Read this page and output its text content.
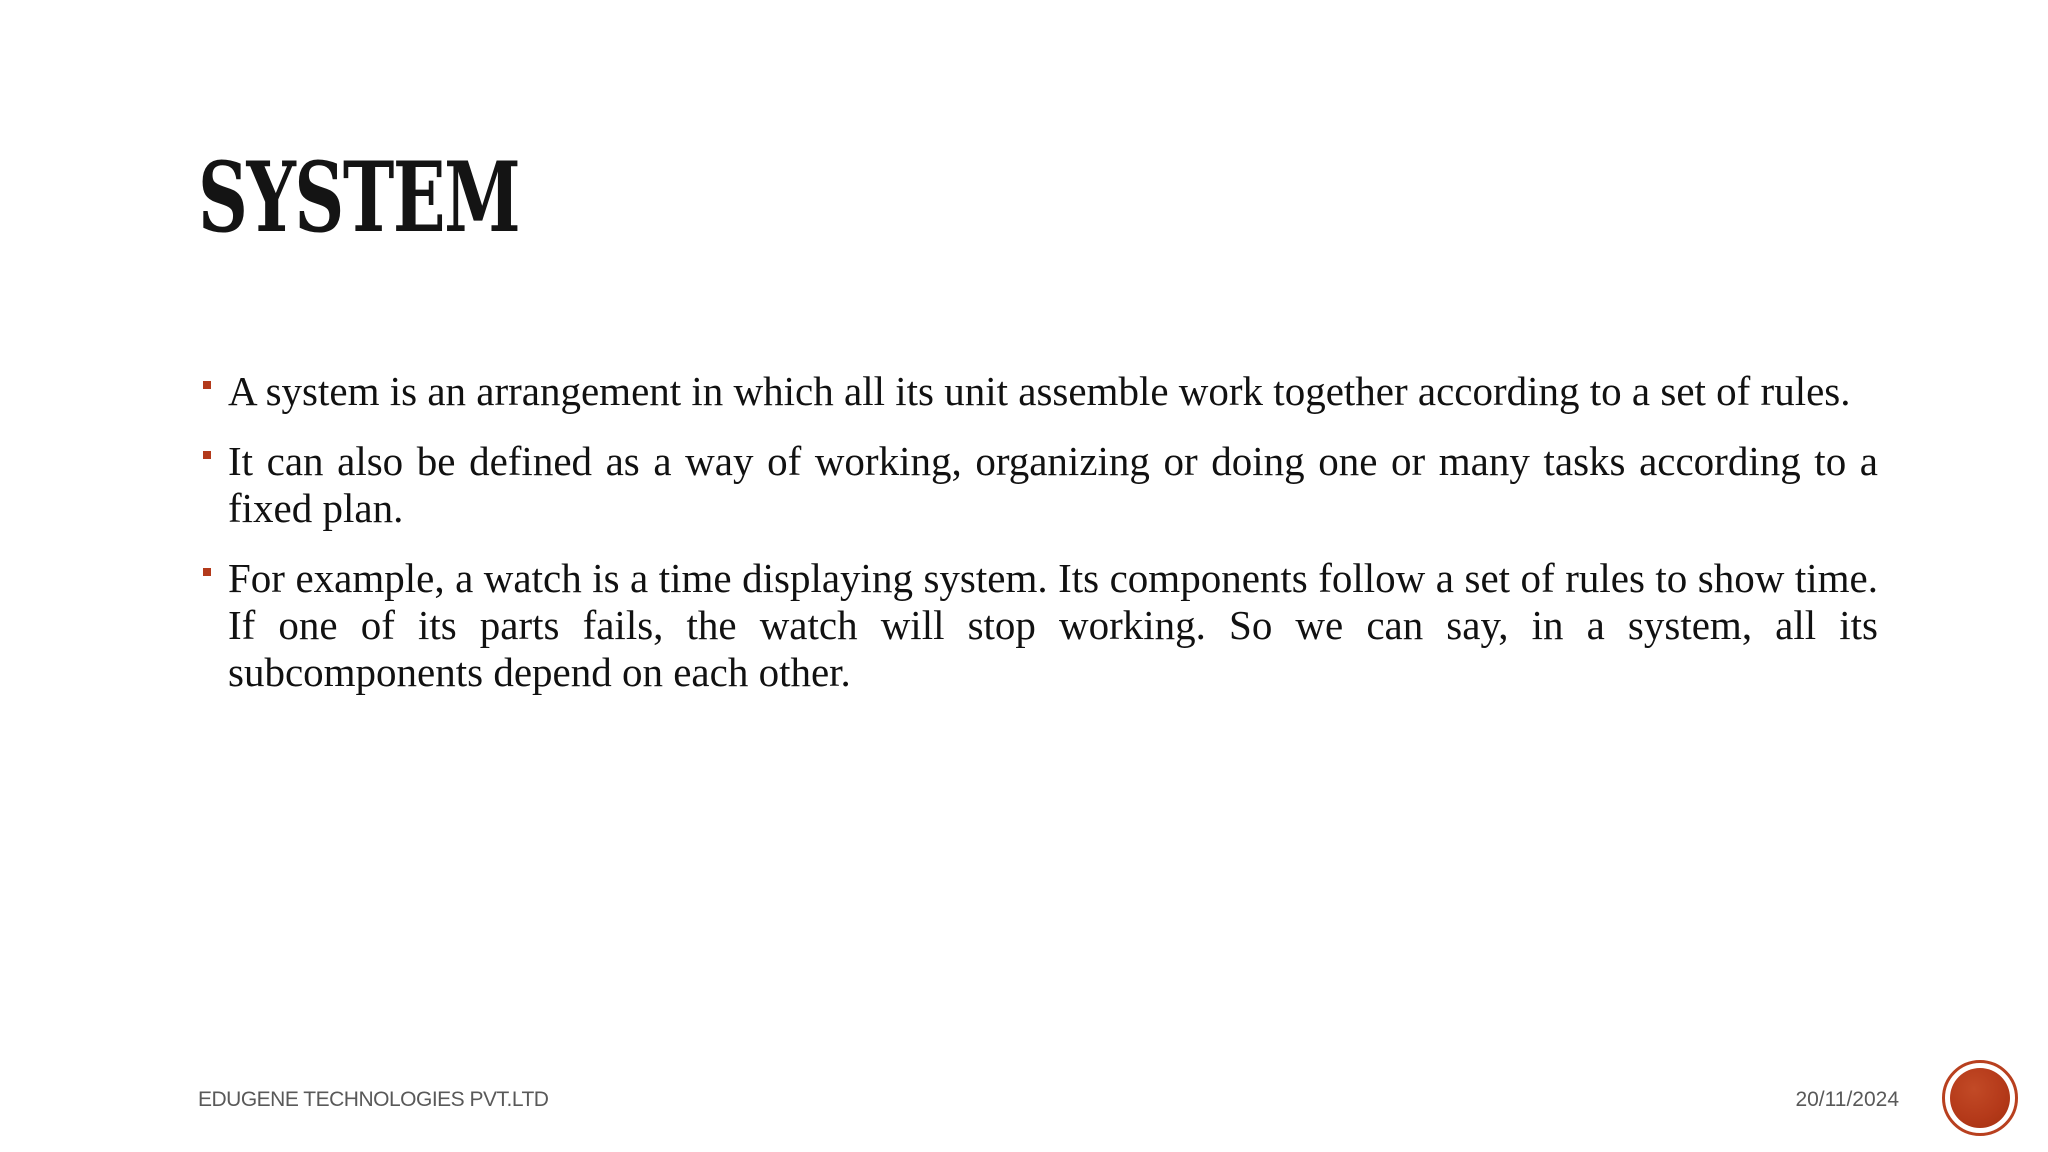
SYSTEM
A system is an arrangement in which all its unit assemble work together according to a set of rules.
It can also be defined as a way of working, organizing or doing one or many tasks according to a fixed plan.
For example, a watch is a time displaying system. Its components follow a set of rules to show time. If one of its parts fails, the watch will stop working. So we can say, in a system, all its subcomponents depend on each other.
EDUGENE TECHNOLOGIES PVT.LTD	20/11/2024
